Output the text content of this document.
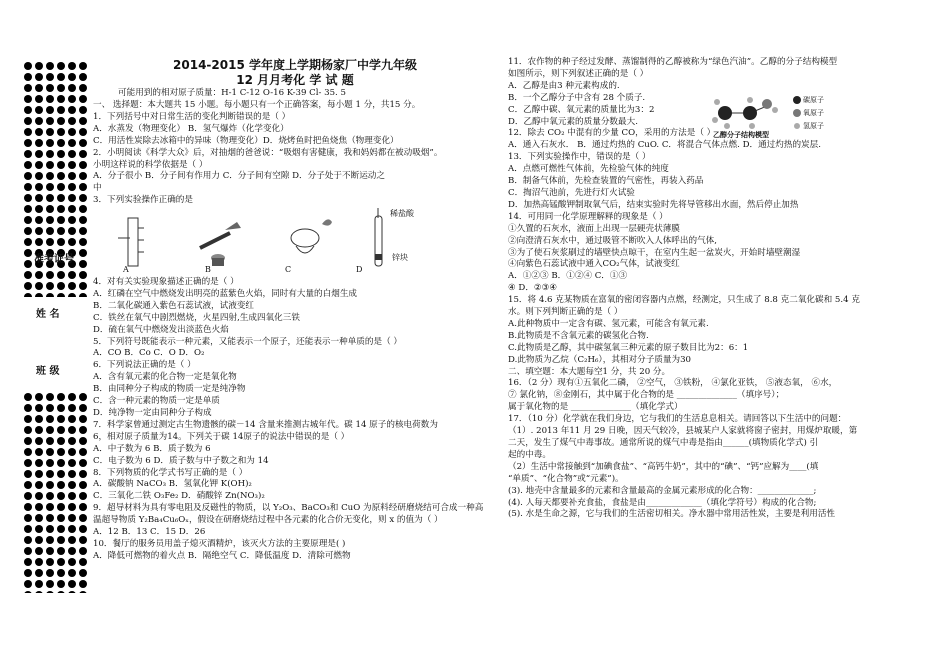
准考证号
姓 名
班 级
2014-2015 学年度上学期杨家厂中学九年级
12 月月考化 学 试 题
可能用到的相对原子质量：H-1 C-12 O-16 K-39 Cl- 35. 5

一、 选择题：本大题共 15 小题。每小题只有一个正确答案，每小题 1 分，共15 分。

1．下列括号中对日常生活的变化判断错误的是（ ）

A．水蒸发（物理变化） B．氢气爆炸（化学变化）

C．用活性炭除去冰箱中的异味（物理变化）D．烧烤鱼时把鱼烧焦（物理变化）

2．小明阅读《科学大众》后，对抽烟的爸爸说：“吸烟有害健康，我和妈妈都在被动吸烟”。

小明这样说的科学依据是（ ）

A．分子很小 B．分子间有作用力 C．分子间有空隙 D．分子处于不断运动之

中

3．下列实验操作正确的是

稀盐酸
锌块
A	B	C	D

4．对有关实验现象描述正确的是（ ）

A．红磷在空气中燃烧发出明亮的蓝紫色火焰，同时有大量的白烟生成

B．二氧化碳通入紫色石蕊试液，试液变红

C．铁丝在氧气中剧烈燃烧，火星四射,生成四氧化三铁

D．硫在氧气中燃烧发出淡蓝色火焰

5．下列符号既能表示一种元素，又能表示一个原子，还能表示一种单质的是（ ）

A．CO B．Co C．O D．O₂

6．下列说法正确的是（ ）

A．含有氧元素的化合物一定是氧化物

B．由同种分子构成的物质一定是纯净物

C．含一种元素的物质一定是单质

D．纯净物一定由同种分子构成

7．科学家曾通过测定古生物遗骸的碳－14 含量来推测古城年代。碳 14 原子的核电荷数为

6，相对原子质量为14。下列关于碳 14原子的说法中错误的是（ ）

A．中子数为 6 B．质子数为 6

C．电子数为 6 D．质子数与中子数之和为 14

8．下列物质的化学式书写正确的是（ ）

A．碳酸钠 NaCO₃ B．氢氧化钾 K(OH)₂

C．三氧化二铁 O₃Fe₂ D．硝酸锌 Zn(NO₃)₂

9．超导材料为具有零电阻及反磁性的物质，以 Y₂O₃、BaCO₃和 CuO 为原料经研磨烧结可合成一种高

温超导物质 Y₂Ba₄Cu₆Oₓ，假设在研磨烧结过程中各元素的化合价无变化，则 x 的值为（ ）

A．12 B．13 C．15 D．26

10．餐厅的服务员用盖子熄灭酒精炉，该灭火方法的主要原理是( )

A．降低可燃物的着火点 B．隔绝空气 C．降低温度 D．清除可燃物

11．农作物的种子经过发酵、蒸馏制得的乙醇被称为“绿色汽油”。乙醇的分子结构模型

如图所示，则下列叙述正确的是（ ）

A．乙醇是由3 种元素构成的.

B．一个乙醇分子中含有 28 个质子.

C．乙醇中碳、氧元素的质量比为3：2

D．乙醇中氧元素的质量分数最大.

12．除去 CO₂ 中混有的少量 CO，采用的方法是（ ）

A．通入石灰水． B．通过灼热的 CuO. C．将混合气体点燃. D．通过灼热的炭层.

13．下列实验操作中，错误的是（ ）

A．点燃可燃性气体前，先检验气体的纯度

B．制备气体前，先检查装置的气密性，再装入药品

C．掏沼气池前，先进行灯火试验

D．加热高锰酸钾制取氧气后，结束实验时先将导管移出水面，然后停止加热

14．可用同一化学原理解释的现象是（ ）

①久置的石灰水，液面上出现一层硬壳状薄膜

②向澄清石灰水中，通过吸管不断吹入人体呼出的气体,

③为了使石灰浆刷过的墙壁快点晾干，在室内生起一盆炭火，开始时墙壁潮湿

④向紫色石蕊试液中通入CO₂气体，试液变红

A．①②③ B．①②④ C．①③

④ D．②③④

15．将 4.6 克某物质在富氧的密闭容器内点燃，经测定，只生成了 8.8 克二氧化碳和 5.4 克

水。则下列判断正确的是（ ）

A.此种物质中一定含有碳、氢元素，可能含有氧元素.

B.此物质是不含氧元素的碳氢化合物.

C.此物质是乙醇，其中碳氢氧三种元素的原子数目比为2：6：1

D.此物质为乙烷（C₂H₆），其相对分子质量为30

二、填空题：本大题每空1 分，共 20 分。

16．（2 分）现有①五氧化二磷， ②空气， ③铁粉， ④氯化亚铁， ⑤液态氧， ⑥水，

⑦ 氯化钠，⑧金刚石，其中属于化合物的是 ______________（填序号）；

属于氧化物的是 ______________（填化学式）

17．（10 分）化学就在我们身边，它与我们的生活息息相关。请回答以下生活中的问题：

（1）. 2013 年11 月 29 日晚，因天气较冷，县城某户人家就将窗子密封，用煤炉取暖，第

二天，发生了煤气中毒事故。通常所说的煤气中毒是指由______(填物质化学式) 引

起的中毒。

（2）生活中常接触到“加碘食盐”、“高钙牛奶”，其中的“碘”、“钙”应解为____(填

“单质”、“化合物”或“元素”)。

(3). 地壳中含量最多的元素和含量最高的金属元素形成的化合物：_____________;

(4). 人每天都要补充食盐，食盐是由_____________（填化学符号）构成的化合物;

(5). 水是生命之源，它与我们的生活密切相关。净水器中常用活性炭，主要是利用活性

碳原子
氧原子
氢原子
乙醇分子结构模型
